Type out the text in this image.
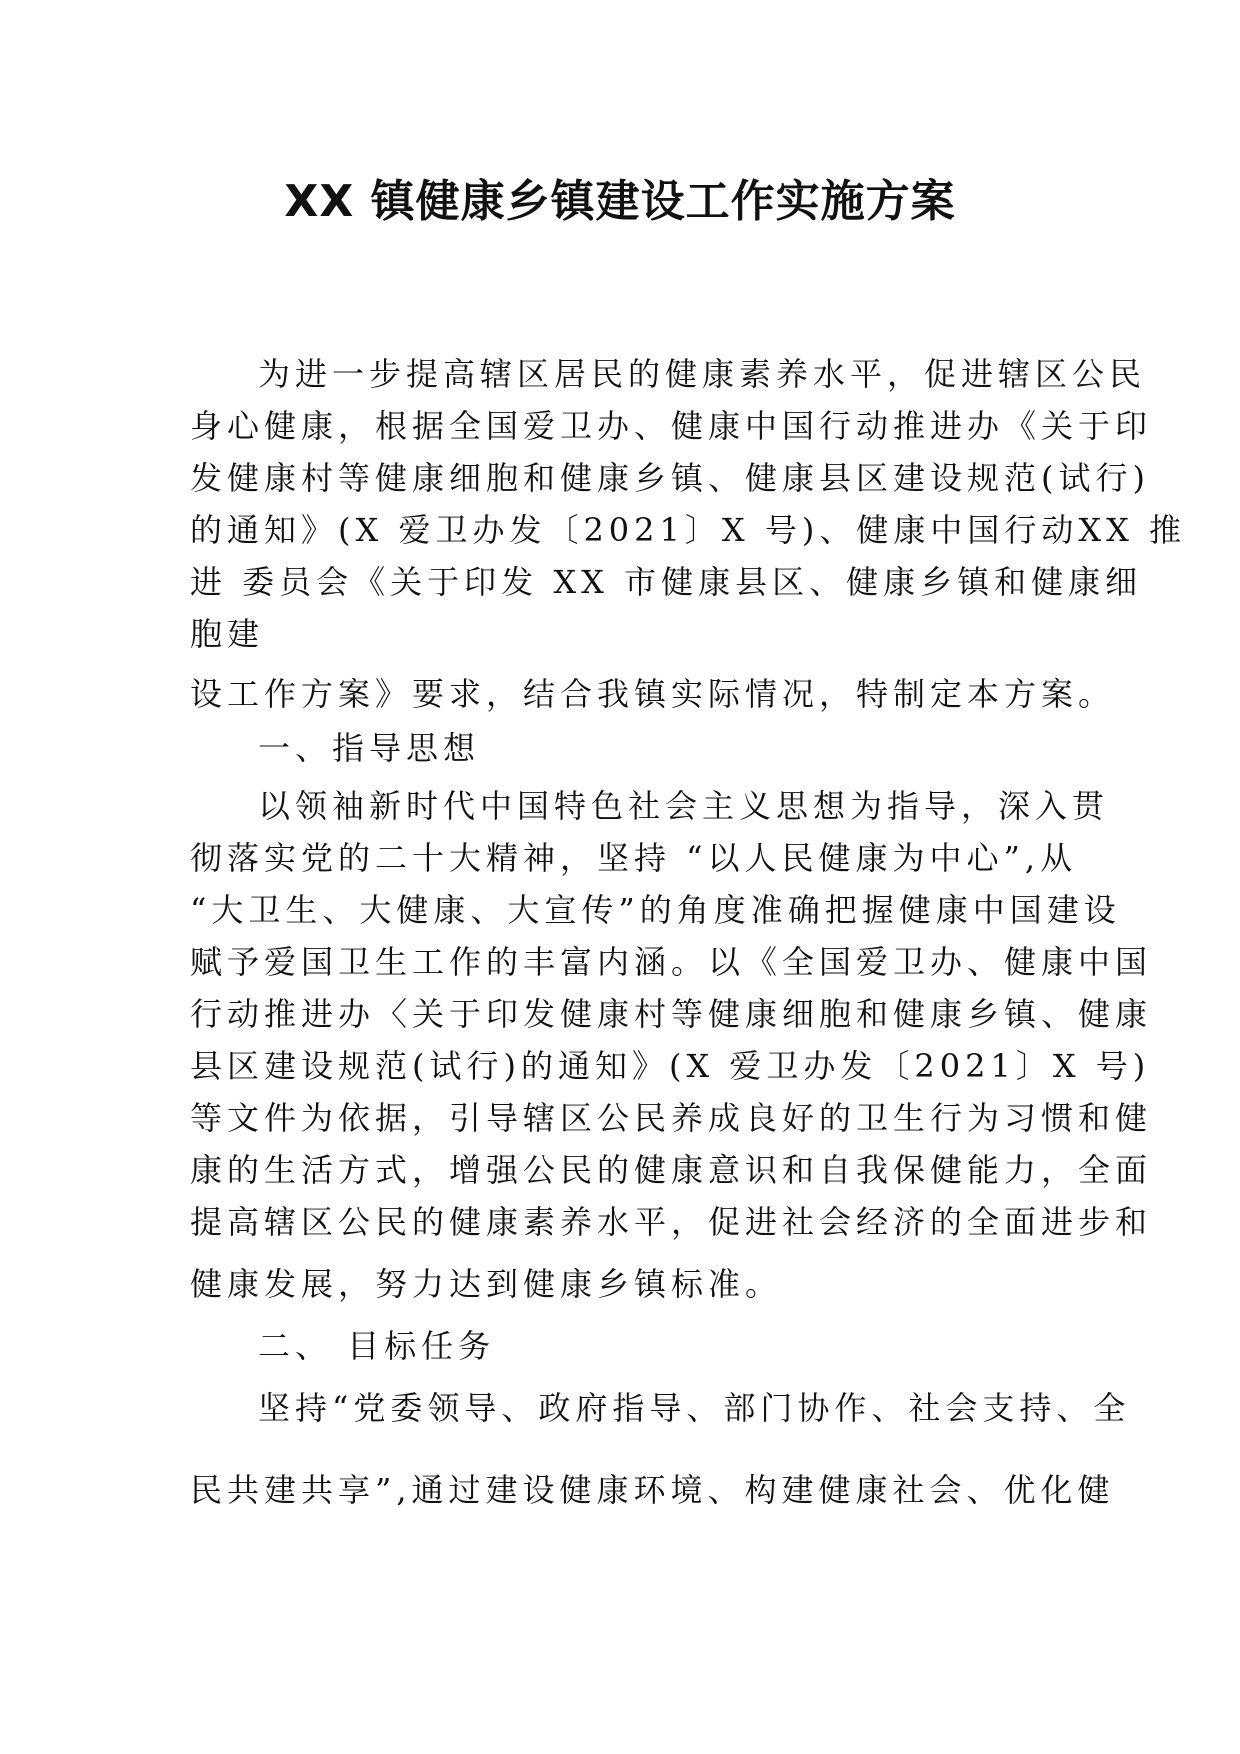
XX 镇健康乡镇建设工作实施方案

为进一步提高辖区居民的健康素养水平，促进辖区公民

身心健康，根据全国爱卫办、健康中国行动推进办《关于印

发健康村等健康细胞和健康乡镇、健康县区建设规范(试行)

的通知》(X 爱卫办发〔2021〕X 号)、健康中国行动XX 推

进 委员会《关于印发 XX 市健康县区、健康乡镇和健康细

胞建

设工作方案》要求，结合我镇实际情况，特制定本方案。

一、指导思想

以领袖新时代中国特色社会主义思想为指导，深入贯

彻落实党的二十大精神，坚持 “以人民健康为中心”,从

“大卫生、大健康、大宣传”的角度准确把握健康中国建设

赋予爱国卫生工作的丰富内涵。以《全国爱卫办、健康中国

行动推进办〈关于印发健康村等健康细胞和健康乡镇、健康

县区建设规范(试行)的通知》(X 爱卫办发〔2021〕X 号)

等文件为依据，引导辖区公民养成良好的卫生行为习惯和健

康的生活方式，增强公民的健康意识和自我保健能力，全面

提高辖区公民的健康素养水平，促进社会经济的全面进步和

健康发展，努力达到健康乡镇标准。

二、 目标任务

坚持“党委领导、政府指导、部门协作、社会支持、全

民共建共享”,通过建设健康环境、构建健康社会、优化健
